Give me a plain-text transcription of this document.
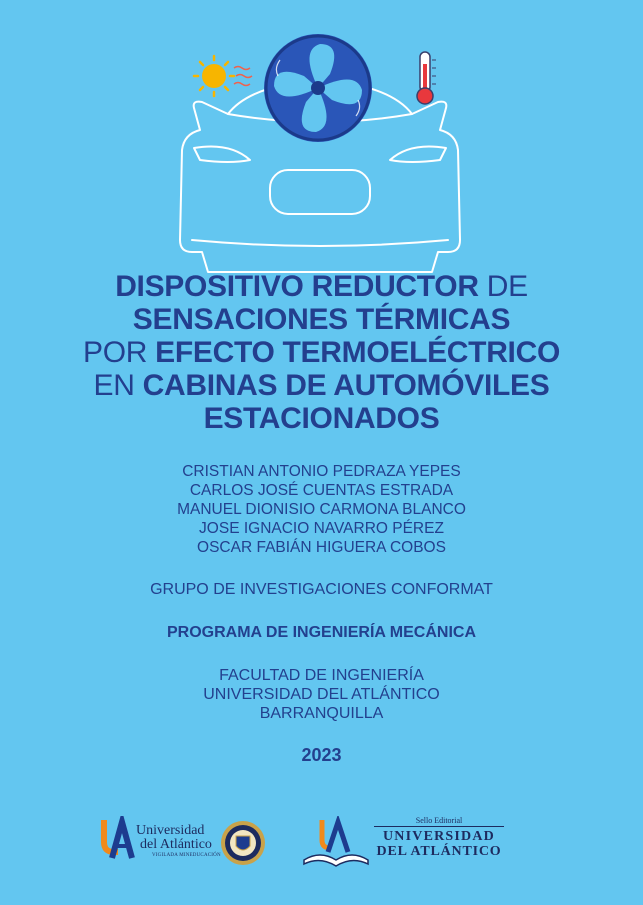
DISPOSITIVO REDUCTOR DE
SENSACIONES TÉRMICAS
POR EFECTO TERMOELÉCTRICO
EN CABINAS DE AUTOMÓVILES
ESTACIONADOS
CRISTIAN ANTONIO PEDRAZA YEPES
CARLOS JOSÉ CUENTAS ESTRADA
MANUEL DIONISIO CARMONA BLANCO
JOSE IGNACIO NAVARRO PÉREZ
OSCAR FABIÁN HIGUERA COBOS
GRUPO DE INVESTIGACIONES CONFORMAT
PROGRAMA DE INGENIERÍA MECÁNICA
FACULTAD DE INGENIERÍA
UNIVERSIDAD DEL ATLÁNTICO
BARRANQUILLA
2023
Universidad
del Atlántico
VIGILADA MINEDUCACIÓN
Sello Editorial
UNIVERSIDAD
DEL ATLÁNTICO
